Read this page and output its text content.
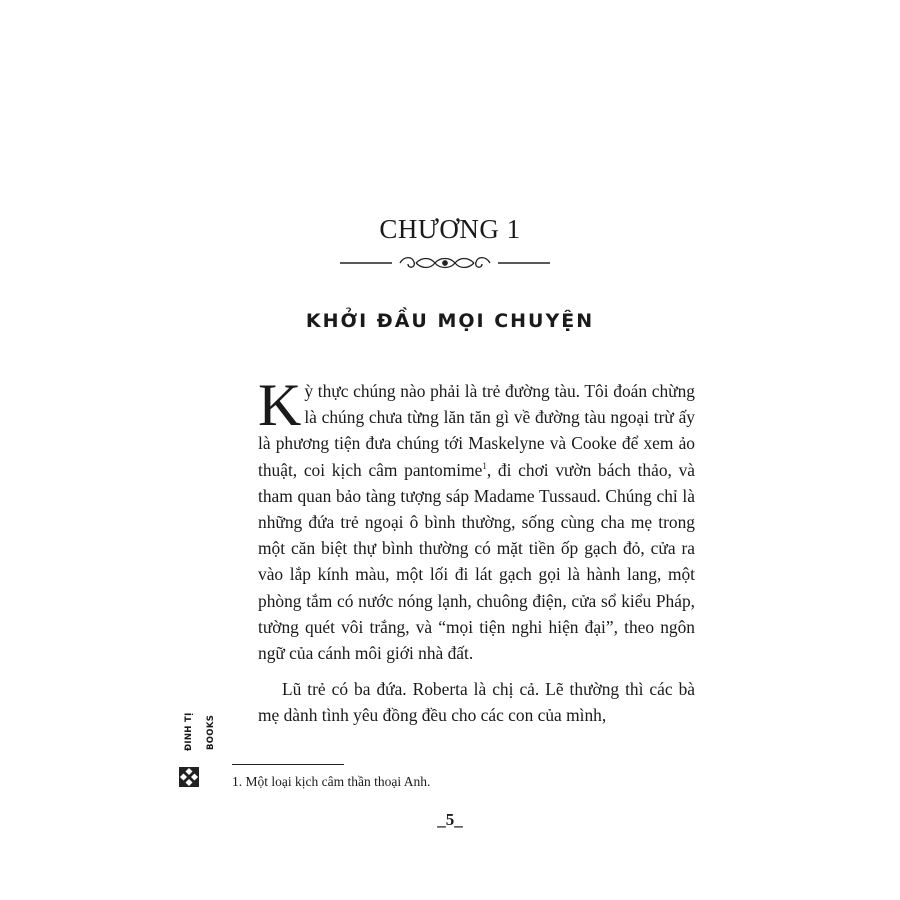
CHƯƠNG 1
KHỞI ĐẦU MỌI CHUYỆN

Kỳ thực chúng nào phải là trẻ đường tàu. Tôi đoán chừng là chúng chưa từng lăn tăn gì về đường tàu ngoại trừ ấy là phương tiện đưa chúng tới Maskelyne và Cooke để xem ảo thuật, coi kịch câm pantomime$^1$, đi chơi vườn bách thảo, và tham quan bảo tàng tượng sáp Madame Tussaud. Chúng chỉ là những đứa trẻ ngoại ô bình thường, sống cùng cha mẹ trong một căn biệt thự bình thường có mặt tiền ốp gạch đỏ, cửa ra vào lắp kính màu, một lối đi lát gạch gọi là hành lang, một phòng tắm có nước nóng lạnh, chuông điện, cửa sổ kiểu Pháp, tường quét vôi trắng, và “mọi tiện nghi hiện đại”, theo ngôn ngữ của cánh môi giới nhà đất.

Lũ trẻ có ba đứa. Roberta là chị cả. Lẽ thường thì các bà mẹ dành tình yêu đồng đều cho các con của mình,

1. Một loại kịch câm thần thoại Anh.
_5_
ĐINH TỊ BOOKS
